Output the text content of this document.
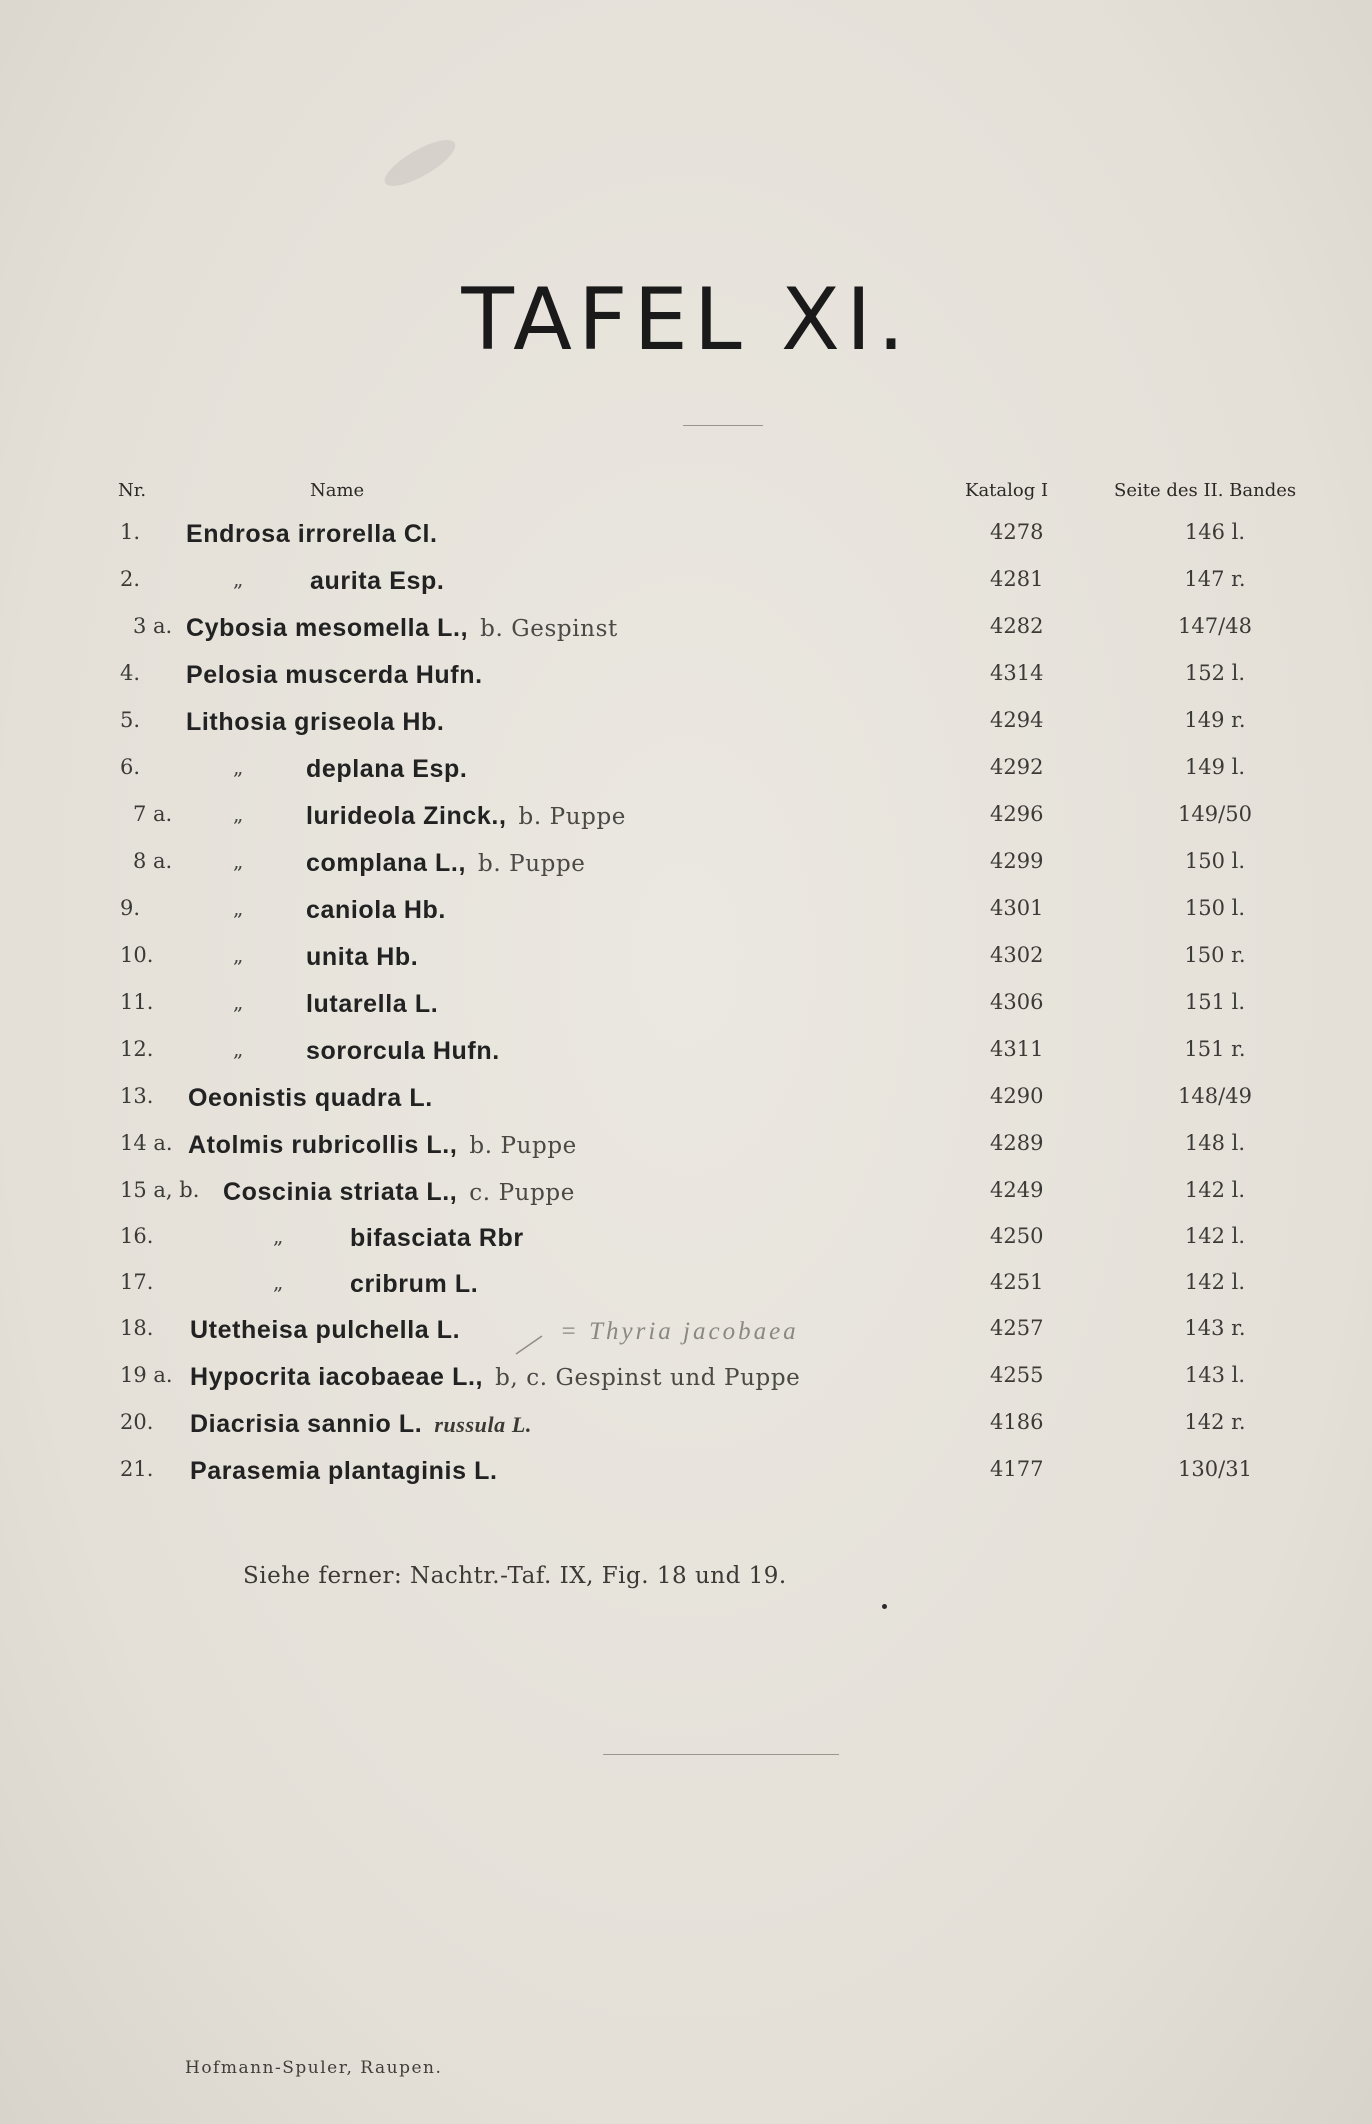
TAFEL XI.
Nr.	Name	Katalog I	Seite des II. Bandes
1. Endrosa irrorella Cl.	4278	146 l.
2.	„	aurita Esp.	4281	147 r.
3 a. Cybosia mesomella L., b. Gespinst	4282	147/48
4. Pelosia muscerda Hufn.	4314	152 l.
5. Lithosia griseola Hb.	4294	149 r.
6.	„	deplana Esp.	4292	149 l.
7 a.	„	lurideola Zinck., b. Puppe	4296	149/50
8 a.	„	complana L., b. Puppe	4299	150 l.
9.	„	caniola Hb.	4301	150 l.
10.	„	unita Hb.	4302	150 r.
11.	„	lutarella L.	4306	151 l.
12.	„	sororcula Hufn.	4311	151 r.
13. Oeonistis quadra L.	4290	148/49
14 a. Atolmis rubricollis L., b. Puppe	4289	148 l.
15 a, b. Coscinia striata L., c. Puppe	4249	142 l.
16.	„	bifasciata Rbr	4250	142 l.
17.	„	cribrum L.	4251	142 l.
18. Utetheisa pulchella L.	4257	143 r.
19 a. Hypocrita iacobaeae L., b, c. Gespinst und Puppe	4255	143 l.
20. Diacrisia sannio L. russula L.	4186	142 r.
21. Parasemia plantaginis L.	4177	130/31
= Thyria jacobaea
Siehe ferner: Nachtr.-Taf. IX, Fig. 18 und 19.
Hofmann-Spuler, Raupen.
